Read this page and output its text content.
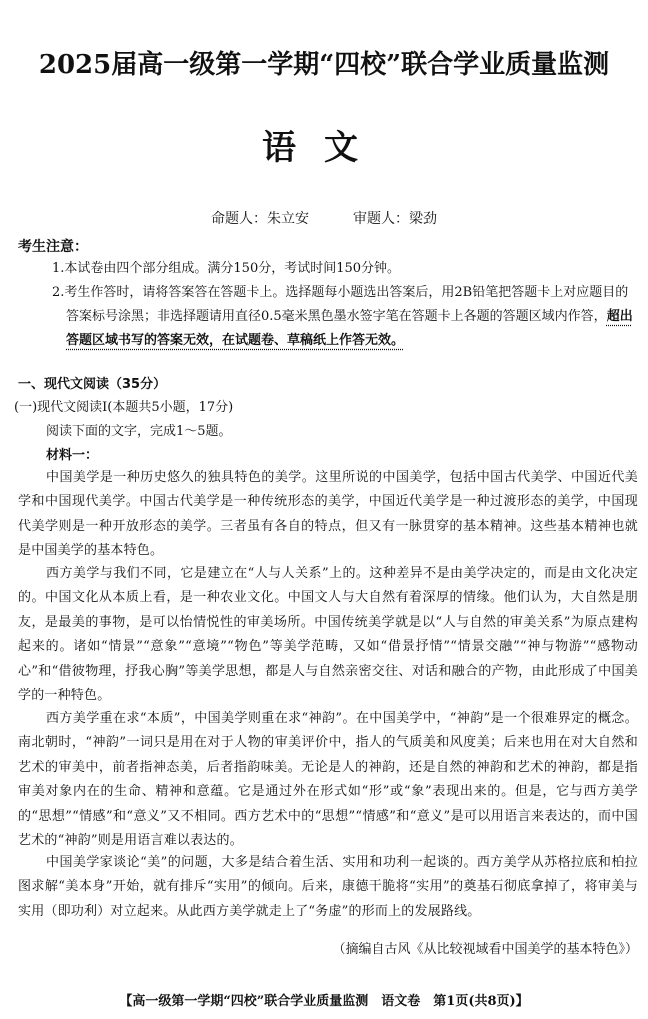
2025届高一级第一学期“四校”联合学业质量监测
语文
命题人：朱立安	审题人：梁劲
考生注意：
1.本试卷由四个部分组成。满分150分，考试时间150分钟。
2.考生作答时，请将答案答在答题卡上。选择题每小题选出答案后，用2B铅笔把答题卡上对应题目的答案标号涂黑；非选择题请用直径0.5毫米黑色墨水签字笔在答题卡上各题的答题区域内作答，超出答题区域书写的答案无效，在试题卷、草稿纸上作答无效。
一、现代文阅读（35分）
(一)现代文阅读Ⅰ(本题共5小题，17分)
阅读下面的文字，完成1～5题。
材料一：
中国美学是一种历史悠久的独具特色的美学。这里所说的中国美学，包括中国古代美学、中国近代美学和中国现代美学。中国古代美学是一种传统形态的美学，中国近代美学是一种过渡形态的美学，中国现代美学则是一种开放形态的美学。三者虽有各自的特点，但又有一脉贯穿的基本精神。这些基本精神也就是中国美学的基本特色。
西方美学与我们不同，它是建立在“人与人关系”上的。这种差异不是由美学决定的，而是由文化决定的。中国文化从本质上看，是一种农业文化。中国文人与大自然有着深厚的情缘。他们认为，大自然是朋友，是最美的事物，是可以怡情悦性的审美场所。中国传统美学就是以“人与自然的审美关系”为原点建构起来的。诸如“情景”“意象”“意境”“物色”等美学范畴，又如“借景抒情”“情景交融”“神与物游”“感物动心”和“借彼物理，抒我心胸”等美学思想，都是人与自然亲密交往、对话和融合的产物，由此形成了中国美学的一种特色。
西方美学重在求“本质”，中国美学则重在求“神韵”。在中国美学中，“神韵”是一个很难界定的概念。南北朝时，“神韵”一词只是用在对于人物的审美评价中，指人的气质美和风度美；后来也用在对大自然和艺术的审美中，前者指神态美，后者指韵味美。无论是人的神韵，还是自然的神韵和艺术的神韵，都是指审美对象内在的生命、精神和意蕴。它是通过外在形式如“形”或“象”表现出来的。但是，它与西方美学的“思想”“情感”和“意义”又不相同。西方艺术中的“思想”“情感”和“意义”是可以用语言来表达的，而中国艺术的“神韵”则是用语言难以表达的。
中国美学家谈论“美”的问题，大多是结合着生活、实用和功利一起谈的。西方美学从苏格拉底和柏拉图求解“美本身”开始，就有排斥“实用”的倾向。后来，康德干脆将“实用”的奠基石彻底拿掉了，将审美与实用（即功利）对立起来。从此西方美学就走上了“务虚”的形而上的发展路线。
（摘编自古风《从比较视域看中国美学的基本特色》）
【高一级第一学期“四校”联合学业质量监测　语文卷　第1页(共8页)】
